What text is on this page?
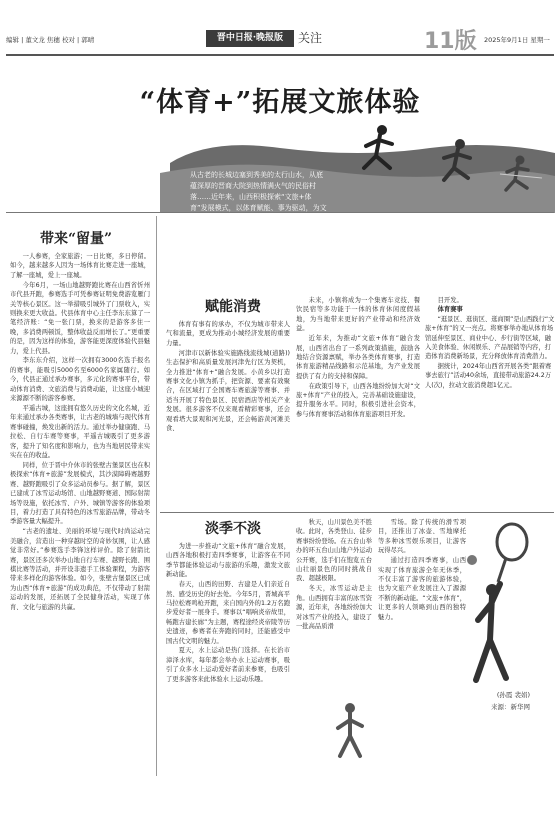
编辑 | 董文龙 焦穗 校对 | 郭晴	晋中日报·晚报版	关注	11版 2025年9月1日 星期一
“体育+”拓展文旅体验
从古老的长城边塞到秀美的太行山水，从底蕴深厚的晋商大院到热情满火气的民俗村落……近年来，山西积极探索“文旅+体育”发展模式，以体育赋能、事为驱动，为文旅产业注入新的活力。
带来“留量”

一人参赛，全家旅游；一日比赛，多日停留。如今，越来越多人因为一场体育比赛走进一座城，了解一座城，爱上一座城。

今年6月，一场山地越野跑比赛在山西省忻州市代县开跑，参赛选手可凭参赛证明免费游览雁门关等核心景区。这一举措吸引城外了门票收入，实则换来更大收益。代县体育中心主任李东东算了一笔经济账：“免一张门票，换来的是游客多住一晚，多消费两顿饭，整体收益反而增长了。”更重要的是，因为这样的体验，游客能更深度体验代县魅力，爱上代县。

李东东介绍，这样一次拥有3000名选手报名的赛事，能吸引5000名至6000名家属随行。如今，代县正通过承办赛事，多元化的赛事平台，带动体育消费、文旅消费与消费动能，让这座小城迎来源源不断的游客参赛。

平遥古城，这座拥有悠久历史的文化名城，近年来通过承办各类赛事，让古老的城墙与现代体育赛事碰撞，焕发出新的活力。通过举办健康跑、马拉松、自行车赛等赛事，平遥古城吸引了更多游客，提升了知名度和影响力，也为当地居民带来实实在在的收益。

同样，位于晋中介休市的张壁古堡景区也在积极探索“体育+旅游”发展模式，其沙漠障碍赛越野赛、越野跑吸引了众多运动员参与。据了解，景区已建成了冰雪运动场馆、山地越野赛道、国际射箭场等设施，依托冰雪、户外、城镇等游客的体验项目，着力打造了具有特色的冰雪旅游品牌，带动冬季游客量大幅提升。

“古老的遗址、美丽的环境与现代时尚运动完美融合，营造出一种穿越时空的奇妙氛围，让人感觉非常好。”参赛选手李锋这样评价。除了射箭比赛，景区还多次举办山地自行车赛、越野长跑、围棋比赛等活动，并开设非遗手工体验课程，为游客带来多样化的游客体验。如今，张壁古堡景区已成为山西“体育+旅游”的成功典范，不仅带动了射箭运动的发展，还拓展了全民健身活动，实现了体育、文化与旅游的共赢。

赋能消费

体育有事有的承办，不仅为城市带来人气和流量，更成为推动小城经济发展的重要力量。

河津市以新体验实施路线流线城(道路))生态保护和高质量发展河津先行区为契机，全力推进“体育+”融合发展。小黄乡以打造赛事文化小镇为抓手，把资源、要素有效聚合，在区域打了全国赛车赛旅游等赛事、并适当开展了特色景区、民宿酒店等相关产业发展。很多游客不仅来观看精彩赛事，还会观看塔大景观和河光景，还会畅游黄河滩美食、

未来，小镇将成为一个集赛车竞技、餐饮民宿等多功能于一体的体育休闲度假基地，为当地带来更好的产业带动和经济效益。

近年来，为推动“文旅+体育”融合发展，山西省出台了一系列政策措施，鼓励各地结合资源禀赋，举办各类体育赛事，打造体育旅游精品线路和示范基地，为产业发展提供了有力的支持和保障。

在政策引导下，山西各地纷纷加大对“文旅+体育”产业的投入，完善基础设施建设，提升服务水平。同时，积极引进社会资本，参与体育赛事活动和体育旅游项目开发。

目开发。
体育赛事
“逛景区、逛街区、逛商圈”是山西践行“文旅+体育”的又一亮点。将赛事举办地从体育场馆延伸至景区、商业中心、步行街等区域，融入美食体验、休闲娱乐、产品展销等内容，打造体育消费新场景，充分释放体育消费潜力。
据统计，2024年山西省开展各类“跟着赛事去旅行”活动40余场，直接带动旅游24.2万人(次)，拉动文旅消费超1亿元。
淡季不淡

为进一步推动“文旅+体育”融合发展，山西各地积极打造四季赛事，让游客在不同季节都能体验运动与旅游的乐趣，激发文旅新动能。

春天，山西的田野、古建是人们亲近自然、感受历史的好去处。今年5月，晋城高平马拉松赛鸣枪开跑，来自国内外的1.2万名跑步爱好者一展身手。赛事以“唱响炎帝故里，畅跑古建长廊”为主题，赛程途经炎帝陵等历史遗迹，参赛者在奔跑的同时，还能感受中国古代文明的魅力。

夏天，水上运动是热门选择。在长治市漳泽水库，每年都会举办水上运动赛事，吸引了众多水上运动爱好者前来参赛，也吸引了更多游客来此体验水上运动乐趣。

秋天，山川景色美不胜收。此时，各类登山、徒步赛事纷纷登场。在五台山举办的环五台山山地户外运动公开赛，选手们在饱览五台山壮丽景色的同时挑战自我、超越极限。

冬天，冰雪运动是主角。山西拥有丰富的冰雪资源，近年来，各地纷纷加大对冰雪产业的投入，建设了一批高品质滑

雪场。除了传统的滑雪项目，还推出了冰壶、雪地摩托等多种冰雪娱乐项目，让游客玩得尽兴。

通过打造四季赛事，山西实现了体育旅游全年无休季，不仅丰富了游客的旅游体验，也为文旅产业发展注入了源源不断的新动能。“文旅+体育”，让更多的人领略到山西的独特魅力。

(孙霞 裴娟)
来源：新华网
